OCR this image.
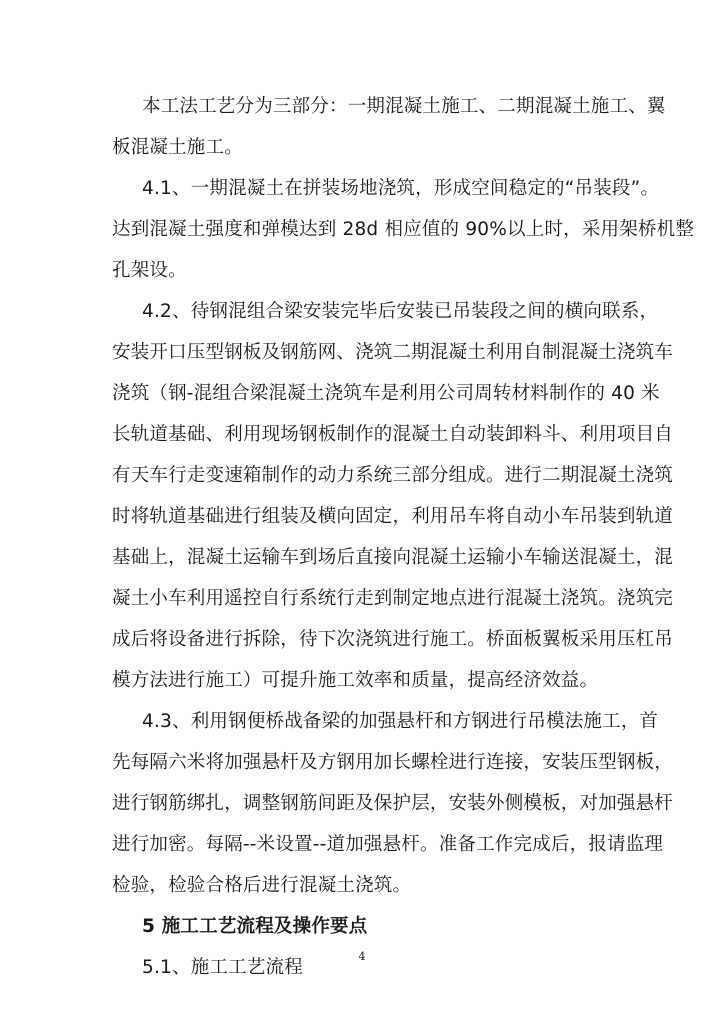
本工法工艺分为三部分：一期混凝土施工、二期混凝土施工、翼
板混凝土施工。
4.1、一期混凝土在拼装场地浇筑，形成空间稳定的“吊装段”。
达到混凝土强度和弹模达到 28d 相应值的 90%以上时，采用架桥机整
孔架设。
4.2、待钢混组合梁安装完毕后安装已吊装段之间的横向联系，
安装开口压型钢板及钢筋网、浇筑二期混凝土利用自制混凝土浇筑车
浇筑（钢-混组合梁混凝土浇筑车是利用公司周转材料制作的 40 米
长轨道基础、利用现场钢板制作的混凝土自动装卸料斗、利用项目自
有天车行走变速箱制作的动力系统三部分组成。进行二期混凝土浇筑
时将轨道基础进行组装及横向固定，利用吊车将自动小车吊装到轨道
基础上，混凝土运输车到场后直接向混凝土运输小车输送混凝土，混
凝土小车利用遥控自行系统行走到制定地点进行混凝土浇筑。浇筑完
成后将设备进行拆除，待下次浇筑进行施工。桥面板翼板采用压杠吊
模方法进行施工）可提升施工效率和质量，提高经济效益。
4.3、利用钢便桥战备梁的加强悬杆和方钢进行吊模法施工，首
先每隔六米将加强悬杆及方钢用加长螺栓进行连接，安装压型钢板，
进行钢筋绑扎，调整钢筋间距及保护层，安装外侧模板，对加强悬杆
进行加密。每隔--米设置--道加强悬杆。准备工作完成后，报请监理
检验，检验合格后进行混凝土浇筑。
5 施工工艺流程及操作要点
5.1、施工工艺流程
4
